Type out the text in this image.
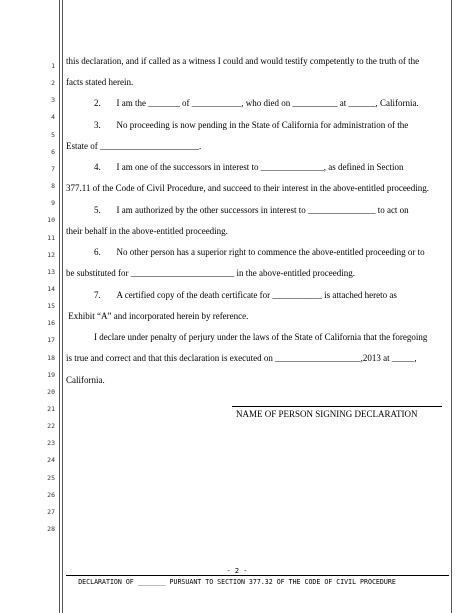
1
2
3
4
5
6
7
8
9
10
11
12
13
14
15
16
17
18
19
20
21
22
23
24
25
26
27
28
this declaration, and if called as a witness I could and would testify competently to the truth of the
facts stated herein.
2.       I am the _______ of ___________, who died on __________ at ______, California.
3.       No proceeding is now pending in the State of California for administration of the
Estate of ______________________.
4.       I am one of the successors in interest to ______________, as defined in Section
377.11 of the Code of Civil Procedure, and succeed to their interest in the above-entitled proceeding.
5.       I am authorized by the other successors in interest to _______________ to act on
their behalf in the above-entitled proceeding.
6.       No other person has a superior right to commence the above-entitled proceeding or to
be substituted for _______________________ in the above-entitled proceeding.
7.       A certified copy of the death certificate for ___________ is attached hereto as
Exhibit “A” and incorporated herein by reference.
I declare under penalty of perjury under the laws of the State of California that the foregoing
is true and correct and that this declaration is executed on ___________________,2013 at _____,
California.
NAME OF PERSON SIGNING DECLARATION
- 2 -
DECLARATION OF _______ PURSUANT TO SECTION 377.32 OF THE CODE OF CIVIL PROCEDURE
